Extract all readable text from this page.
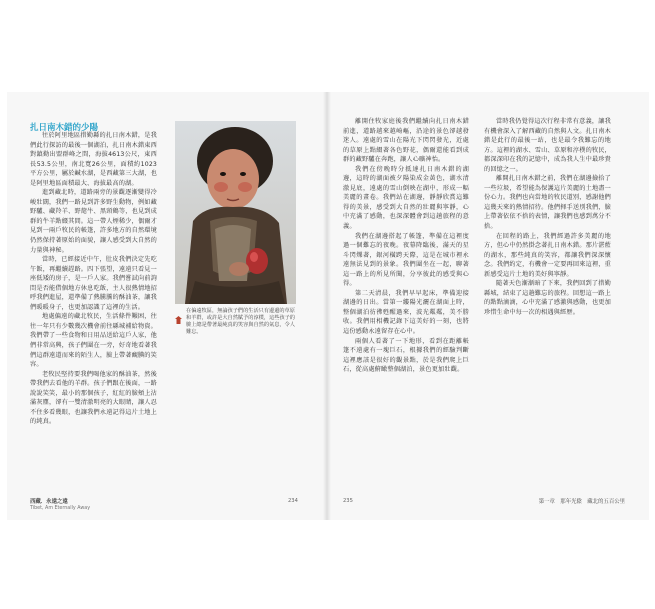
扎日南木錯的少陽

往於阿里地區措勤縣的扎日南木錯，是我們此行探訪的最後一個湖泊，扎日南木錯東西對鎮勤出盟群峰之間，海拔4613公尺，東西長53.5公里，南北寬26公里，面積約1023平方公里，屬於鹹水湖，是西藏第三大湖，也是阿里地區面積最大、海拔最高的湖。

進到藏北時，道路兩旁的景觀逐漸變得冷峻壯闊，我們一路見到許多野生動物，例如藏野驢、藏羚羊、野氂牛、黑頸鶴等，也見到成群的牛羊點綴其間。這一帶人煙稀少，偶爾才見到一兩戶牧民的帳篷，許多地方的自然環境仍然保持著原始的面貌，讓人感受到大自然的力量與神秘。

當時，已經接近中午，肚皮我們決定先吃午飯，再繼續趕路。四下張望，遠遠只看見一座低矮的房子，是一戶人家。我們嘗試向前詢問是否能借個地方休息吃飯，主人很熱情地招呼我們進屋，還準備了熱騰騰的酥油茶，讓我們暖暖身子，也更加認識了這裡的生活。

地處偏遠的藏北牧民，生活條件艱困，往往一年只有少數幾次機會前往縣城補給物資。我們帶了一些食物和日用品送給這戶人家，他們非常高興，孩子們圍在一旁，好奇地看著我們這群遠道而來的陌生人，臉上帶著靦腆的笑容。

老牧民堅持要我們喝他家的酥油茶，然後帶我們去看他的羊群。孩子們跟在後面，一路說說笑笑，最小的那個孩子，紅紅的臉頰上沾滿灰塵，卻有一雙清澈明亮的大眼睛，讓人忍不住多看幾眼，也讓我們永遠記得這片土地上的純真。

在偏遠牧區，無論孩子們的生活只有邊邊的草原和羊群，或許是大自然賦予的淳樸，這些孩子的臉上總是帶著最純真的笑容與自然的氣息，令人難忘。
西藏．永遠之遠
Tibet, Am Eternally Away
234

離開住牧家庭後我們繼續向扎日南木錯前進，道路越來越崎嶇，沿途的景色卻越發迷人。遠處的雪山在陽光下閃閃發光，近處的草原上點綴著各色野花，偶爾還能看到成群的藏野驢在奔跑，讓人心曠神怡。

我們在傍晚時分抵達扎日南木錯的湖邊，這時的湖面被夕陽染成金黃色，湖水清澈見底，遠處的雪山倒映在湖中，形成一幅美麗的畫卷。我們站在湖邊，靜靜欣賞這難得的美景，感受到大自然的壯麗與寧靜，心中充滿了感動，也深深體會到這趟旅程的意義。

我們在湖邊搭起了帳篷，準備在這裡度過一個難忘的夜晚。夜幕降臨後，滿天的星斗閃爍著，銀河橫跨天際，這是在城市裡永遠無法見到的景象。我們圍坐在一起，聊著這一路上的所見所聞，分享彼此的感受與心得。

第二天清晨，我們早早起床，準備迎接湖邊的日出。當第一縷陽光灑在湖面上時，整個湖泊彷彿甦醒過來，波光粼粼，美不勝收。我們用相機記錄下這美好的一刻，也將這份感動永遠留存在心中。

兩個人看著了一下地形，看到在距離帳篷不遠處有一塊巨石，根據我們的經驗判斷這裡應該是很好的觀景點，於是我們爬上巨石，從高處俯瞰整個湖泊，景色更加壯觀。

當時我仍覺得這次行程非常有意義，讓我有機會深入了解西藏的自然與人文。扎日南木錯是此行的最後一站，也是最令我難忘的地方。這裡的湖水、雪山、草原和淳樸的牧民，都深深印在我的記憶中，成為我人生中最珍貴的回憶之一。

離開扎日南木錯之前，我們在湖邊撿拾了一些垃圾，希望能為保護這片美麗的土地盡一份心力。我們也向當地的牧民道別，感謝他們這幾天來的熱情招待。他們揮手送別我們，臉上帶著依依不捨的表情，讓我們也感到萬分不捨。

在回程的路上，我們經過許多美麗的地方，但心中仍然掛念著扎日南木錯。那片湛藍的湖水，那些純真的笑容，都讓我們深深懷念。我們約定，有機會一定要再回來這裡，重新感受這片土地的美好與寧靜。

隨著天色漸漸暗了下來，我們回到了措勤縣城，結束了這趟難忘的旅程。回想這一路上的點點滴滴，心中充滿了感激與感動，也更加珍惜生命中每一次的相遇與經歷。

235	第一章　那年光陰　藏北的五百公里
